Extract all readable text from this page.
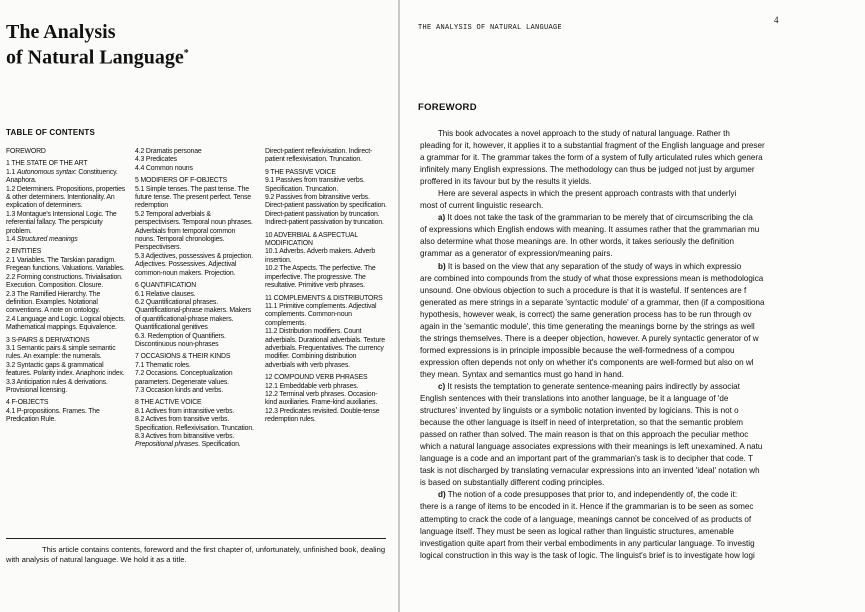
The Analysis
of Natural Language*
TABLE OF CONTENTS

FOREWORD

1 THE STATE OF THE ART

1.1 Autonomous syntax: Constituency. Anaphora.

1.2 Determiners. Propositions, properties & other determiners. Intentionality. An explication of determiners.

1.3 Montague's Intensional Logic. The referential fallacy. The perspicuity problem.

1.4 Structured meanings

2 ENTITIES

2.1 Variables. The Tarskian paradigm. Fregean functions. Valuations. Variables.

2.2 Forming constructions. Trivialisation. Execution. Composition. Closure.

2.3 The Ramified Hierarchy. The definition. Examples. Notational conventions. A note on ontology.

2.4 Language and Logic. Logical objects. Mathematical mappings. Equivalence.

3 S-PAIRS & DERIVATIONS

3.1 Semantic pairs & simple semantic rules. An example: the numerals.

3.2 Syntactic gaps & grammatical features. Polarity index. Anaphoric index.

3.3 Anticipation rules & derivations. Provisional licensing.

4 F-OBJECTS

4.1 P-propositions. Frames. The Predication Rule.

4.2 Dramatis personae

4.3 Predicates

4.4 Common nouns

5 MODIFIERS OF F-OBJECTS

5.1 Simple tenses. The past tense. The future tense. The present perfect. Tense redemption

5.2 Temporal adverbials & perspectivisers. Temporal noun phrases. Adverbials from temporal common nouns. Temporal chronologies. Perspectivisers.

5.3 Adjectives, possessives & projection. Adjectives. Possessives. Adjectival common-noun makers. Projection.

6 QUANTIFICATION

6.1 Relative clauses.

6.2 Quantificational phrases. Quantificational-phrase makers. Makers of quantificational-phrase makers. Quantificational genitives

6.3. Redemption of Quantifiers. Discontinuous noun-phrases

7 OCCASIONS & THEIR KINDS

7.1 Thematic roles.

7.2 Occasions. Conceptualization parameters. Degenerate values.

7.3 Occasion kinds and verbs.

8 THE ACTIVE VOICE

8.1 Actives from intransitive verbs.

8.2 Actives from transitive verbs. Specification. Reflexivisation. Truncation.

8.3 Actives from bitransitive verbs. Prepositional phrases. Specification.

Direct-patient reflexivisation. Indirect-patient reflexivisation. Truncation.

9 THE PASSIVE VOICE

9.1 Passives from transitive verbs. Specification. Truncation.

9.2 Passives from bitransitive verbs. Direct-patient passivation by specification. Direct-patient passivation by truncation. Indirect-patient passivation by truncation.

10 ADVERBIAL & ASPECTUAL MODIFICATION

10.1 Adverbs. Adverb makers. Adverb insertion.

10.2 The Aspects. The perfective. The imperfective. The progressive. The resultative. Primitive verb phrases.

11 COMPLEMENTS & DISTRIBUTORS

11.1 Primitive complements. Adjectival complements. Common-noun complements.

11.2 Distribution modifiers. Count adverbials. Durational adverbials. Texture adverbials. Frequentatives. The currency modifier. Combining distribution adverbials with verb phrases.

12 COMPOUND VERB PHRASES

12.1 Embeddable verb phrases.

12.2 Terminal verb phrases. Occasion-kind auxiliaries. Frame-kind auxiliaries.

12.3 Predicates revisited. Double-tense redemption rules.

This article contains contents, foreword and the first chapter of, unfortunately, unfinished book, dealing with analysis of natural language. We hold it as a title.
THE ANALYSIS OF NATURAL LANGUAGE
4
FOREWORD
This book advocates a novel approach to the study of natural language. Rather th
pleading for it, however, it applies it to a substantial fragment of the English language and preser
a grammar for it. The grammar takes the form of a system of fully articulated rules which genera
infinitely many English expressions. The methodology can thus be judged not just by argumer
proffered in its favour but by the results it yields.
Here are several aspects in which the present approach contrasts with that underlyi
most of current linguistic research.
a) It does not take the task of the grammarian to be merely that of circumscribing the cla
of expressions which English endows with meaning. It assumes rather that the grammarian mu
also determine what those meanings are. In other words, it takes seriously the definition
grammar as a generator of expression/meaning pairs.
b) It is based on the view that any separation of the study of ways in which expressio
are combined into compounds from the study of what those expressions mean is methodologica
unsound. One obvious objection to such a procedure is that it is wasteful. If sentences are f
generated as mere strings in a separate 'syntactic module' of a grammar, then (if a compositiona
hypothesis, however weak, is correct) the same generation process has to be run through ov
again in the 'semantic module', this time generating the meanings borne by the strings as well
the strings themselves. There is a deeper objection, however. A purely syntactic generator of w
formed expressions is in principle impossible because the well-formedness of a compou
expression often depends not only on whether it's components are well-formed but also on wl
they mean. Syntax and semantics must go hand in hand.
c) It resists the temptation to generate sentence-meaning pairs indirectly by associat
English sentences with their translations into another language, be it a language of 'de
structures' invented by linguists or a symbolic notation invented by logicians. This is not o
because the other language is itself in need of interpretation, so that the semantic problem
passed on rather than solved. The main reason is that on this approach the peculiar methoc
which a natural language associates expressions with their meanings is left unexamined. A natu
language is a code and an important part of the grammarian's task is to decipher that code. T
task is not discharged by translating vernacular expressions into an invented 'ideal' notation wh
is based on substantially different coding principles.
d) The notion of a code presupposes that prior to, and independently of, the code it:
there is a range of items to be encoded in it. Hence if the grammarian is to be seen as somec
attempting to crack the code of a language, meanings cannot be conceived of as products of
language itself. They must be seen as logical rather than linguistic structures, amenable
investigation quite apart from their verbal embodiments in any particular language. To investig
logical construction in this way is the task of logic. The linguist's brief is to investigate how logi
